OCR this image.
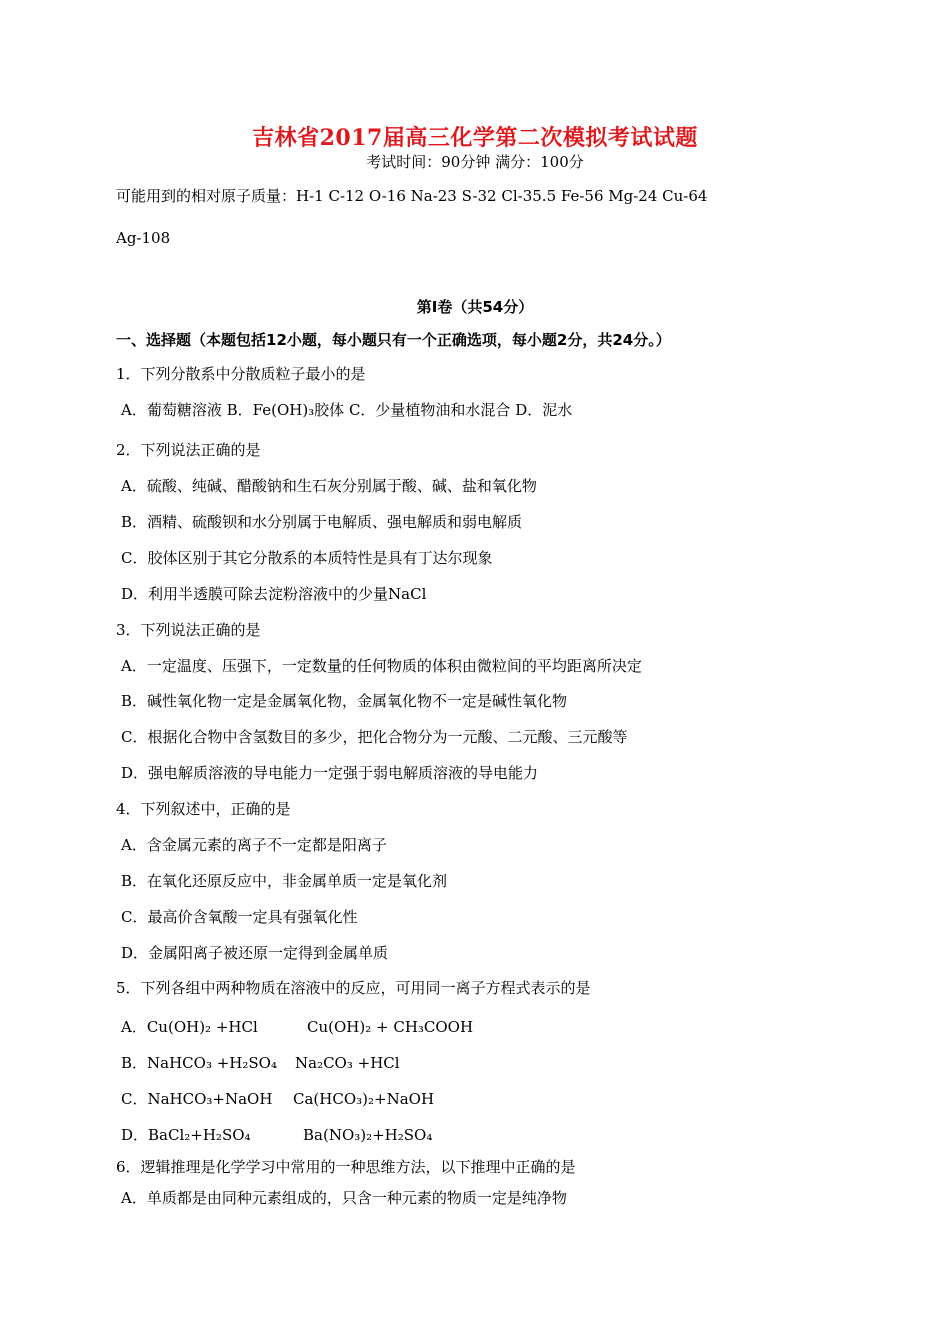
吉林省2017届高三化学第二次模拟考试试题
考试时间：90分钟 满分：100分
可能用到的相对原子质量：H-1 C-12 O-16 Na-23 S-32 Cl-35.5 Fe-56 Mg-24 Cu-64
Ag-108
第Ⅰ卷（共54分）
一、选择题（本题包括12小题，每小题只有一个正确选项，每小题2分，共24分。）
1．下列分散系中分散质粒子最小的是
A．葡萄糖溶液 B．Fe(OH)₃胶体 C．少量植物油和水混合 D．泥水
2．下列说法正确的是
A．硫酸、纯碱、醋酸钠和生石灰分别属于酸、碱、盐和氧化物
B．酒精、硫酸钡和水分别属于电解质、强电解质和弱电解质
C．胶体区别于其它分散系的本质特性是具有丁达尔现象
D．利用半透膜可除去淀粉溶液中的少量NaCl
3．下列说法正确的是
A．一定温度、压强下，一定数量的任何物质的体积由微粒间的平均距离所决定
B．碱性氧化物一定是金属氧化物，金属氧化物不一定是碱性氧化物
C．根据化合物中含氢数目的多少，把化合物分为一元酸、二元酸、三元酸等
D．强电解质溶液的导电能力一定强于弱电解质溶液的导电能力
4．下列叙述中，正确的是
A．含金属元素的离子不一定都是阳离子
B．在氧化还原反应中，非金属单质一定是氧化剂
C．最高价含氧酸一定具有强氧化性
D．金属阳离子被还原一定得到金属单质
5．下列各组中两种物质在溶液中的反应，可用同一离子方程式表示的是
A．Cu(OH)₂ +HCl	Cu(OH)₂ + CH₃COOH
B．NaHCO₃ +H₂SO₄ Na₂CO₃ +HCl
C．NaHCO₃+NaOH Ca(HCO₃)₂+NaOH
D．BaCl₂+H₂SO₄	Ba(NO₃)₂+H₂SO₄
6．逻辑推理是化学学习中常用的一种思维方法，以下推理中正确的是
A．单质都是由同种元素组成的，只含一种元素的物质一定是纯净物
